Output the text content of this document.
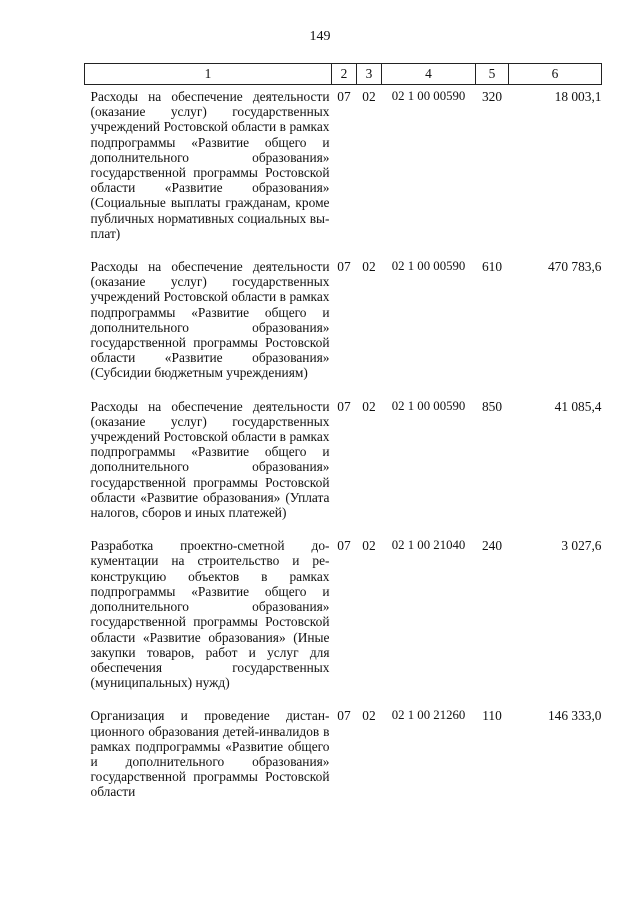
149
1	2	3	4	5	6
Расходы на обеспечение деятельности (оказание услуг) государственных учреждений Ростовской области в рамках подпрограммы «Развитие общего и дополнительного образования» государственной программы Ростовской области «Развитие образования» (Социальные выплаты гражданам, кроме публичных нормативных социальных выплат)	07	02	02 1 00 00590	320	18 003,1
Расходы на обеспечение деятельности (оказание услуг) государственных учреждений Ростовской области в рамках подпрограммы «Развитие общего и дополнительного образования» государственной программы Ростовской области «Развитие образования» (Субсидии бюджетным учреждениям)	07	02	02 1 00 00590	610	470 783,6
Расходы на обеспечение деятельности (оказание услуг) государственных учреждений Ростовской области в рамках подпрограммы «Развитие общего и дополнительного образования» государственной программы Ростовской области «Развитие образования» (Уплата налогов, сборов и иных платежей)	07	02	02 1 00 00590	850	41 085,4
Разработка проектно-сметной документации на строительство и реконструкцию объектов в рамках подпрограммы «Развитие общего и дополнительного образования» государственной программы Ростовской области «Развитие образования» (Иные закупки товаров, работ и услуг для обеспечения государственных (муниципальных) нужд)	07	02	02 1 00 21040	240	3 027,6
Организация и проведение дистанционного образования детей-инвалидов в рамках подпрограммы «Развитие общего и дополнительного образования» государственной программы Ростовской области	07	02	02 1 00 21260	110	146 333,0
